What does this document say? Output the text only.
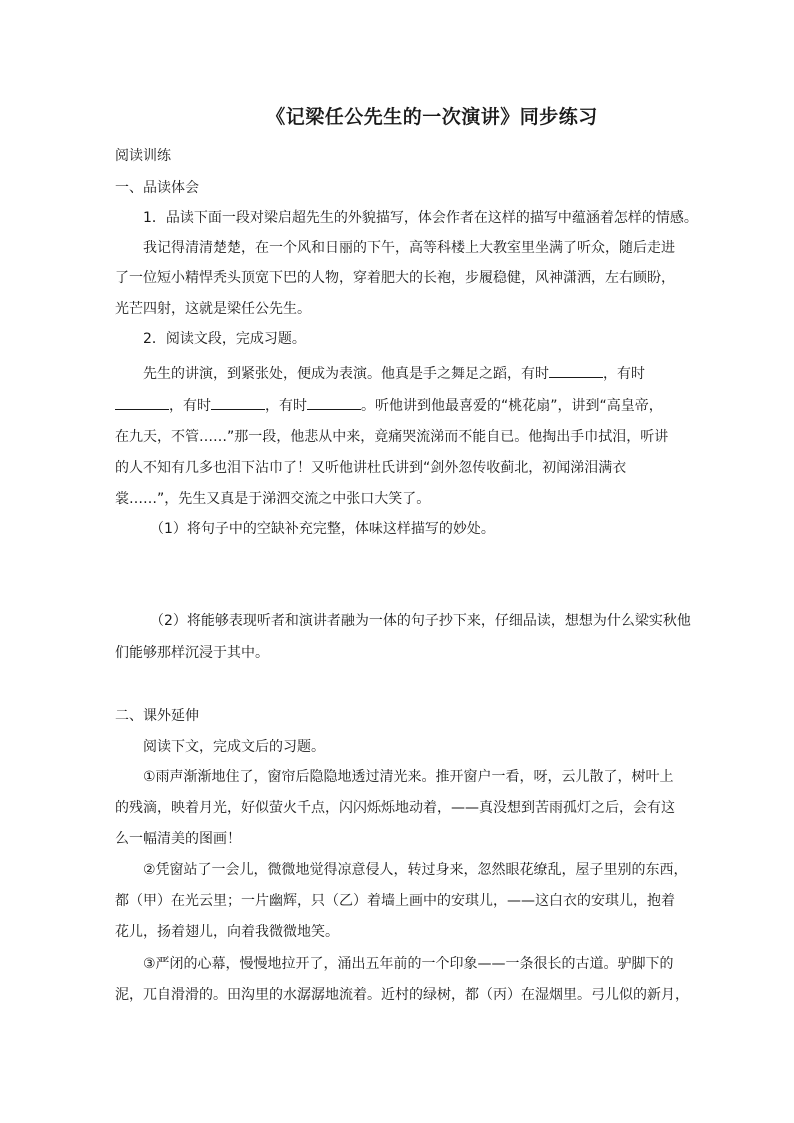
《记梁任公先生的一次演讲》同步练习
阅读训练
一、品读体会
1．品读下面一段对梁启超先生的外貌描写，体会作者在这样的描写中蕴涵着怎样的情感。
我记得清清楚楚，在一个风和日丽的下午，高等科楼上大教室里坐满了听众，随后走进
了一位短小精悍秃头顶宽下巴的人物，穿着肥大的长袍，步履稳健，风神潇洒，左右顾盼，
光芒四射，这就是梁任公先生。
2．阅读文段，完成习题。
先生的讲演，到紧张处，便成为表演。他真是手之舞足之蹈，有时	，有时
，有时	，有时	。听他讲到他最喜爱的“桃花扇”，讲到“高皇帝，
在九天，不管……”那一段，他悲从中来，竟痛哭流涕而不能自已。他掏出手巾拭泪，听讲
的人不知有几多也泪下沾巾了！又听他讲杜氏讲到“剑外忽传收蓟北，初闻涕泪满衣
裳……”，先生又真是于涕泗交流之中张口大笑了。
（1）将句子中的空缺补充完整，体味这样描写的妙处。
（2）将能够表现听者和演讲者融为一体的句子抄下来，仔细品读，想想为什么梁实秋他
们能够那样沉浸于其中。
二、课外延伸
阅读下文，完成文后的习题。
①雨声渐渐地住了，窗帘后隐隐地透过清光来。推开窗户一看，呀，云儿散了，树叶上
的残滴，映着月光，好似萤火千点，闪闪烁烁地动着，——真没想到苦雨孤灯之后，会有这
么一幅清美的图画！
②凭窗站了一会儿，微微地觉得凉意侵人，转过身来，忽然眼花缭乱，屋子里别的东西，
都（甲）在光云里；一片幽辉，只（乙）着墙上画中的安琪儿，——这白衣的安琪儿，抱着
花儿，扬着翅儿，向着我微微地笑。
③严闭的心幕，慢慢地拉开了，涌出五年前的一个印象——一条很长的古道。驴脚下的
泥，兀自滑滑的。田沟里的水潺潺地流着。近村的绿树，都（丙）在湿烟里。弓儿似的新月，
